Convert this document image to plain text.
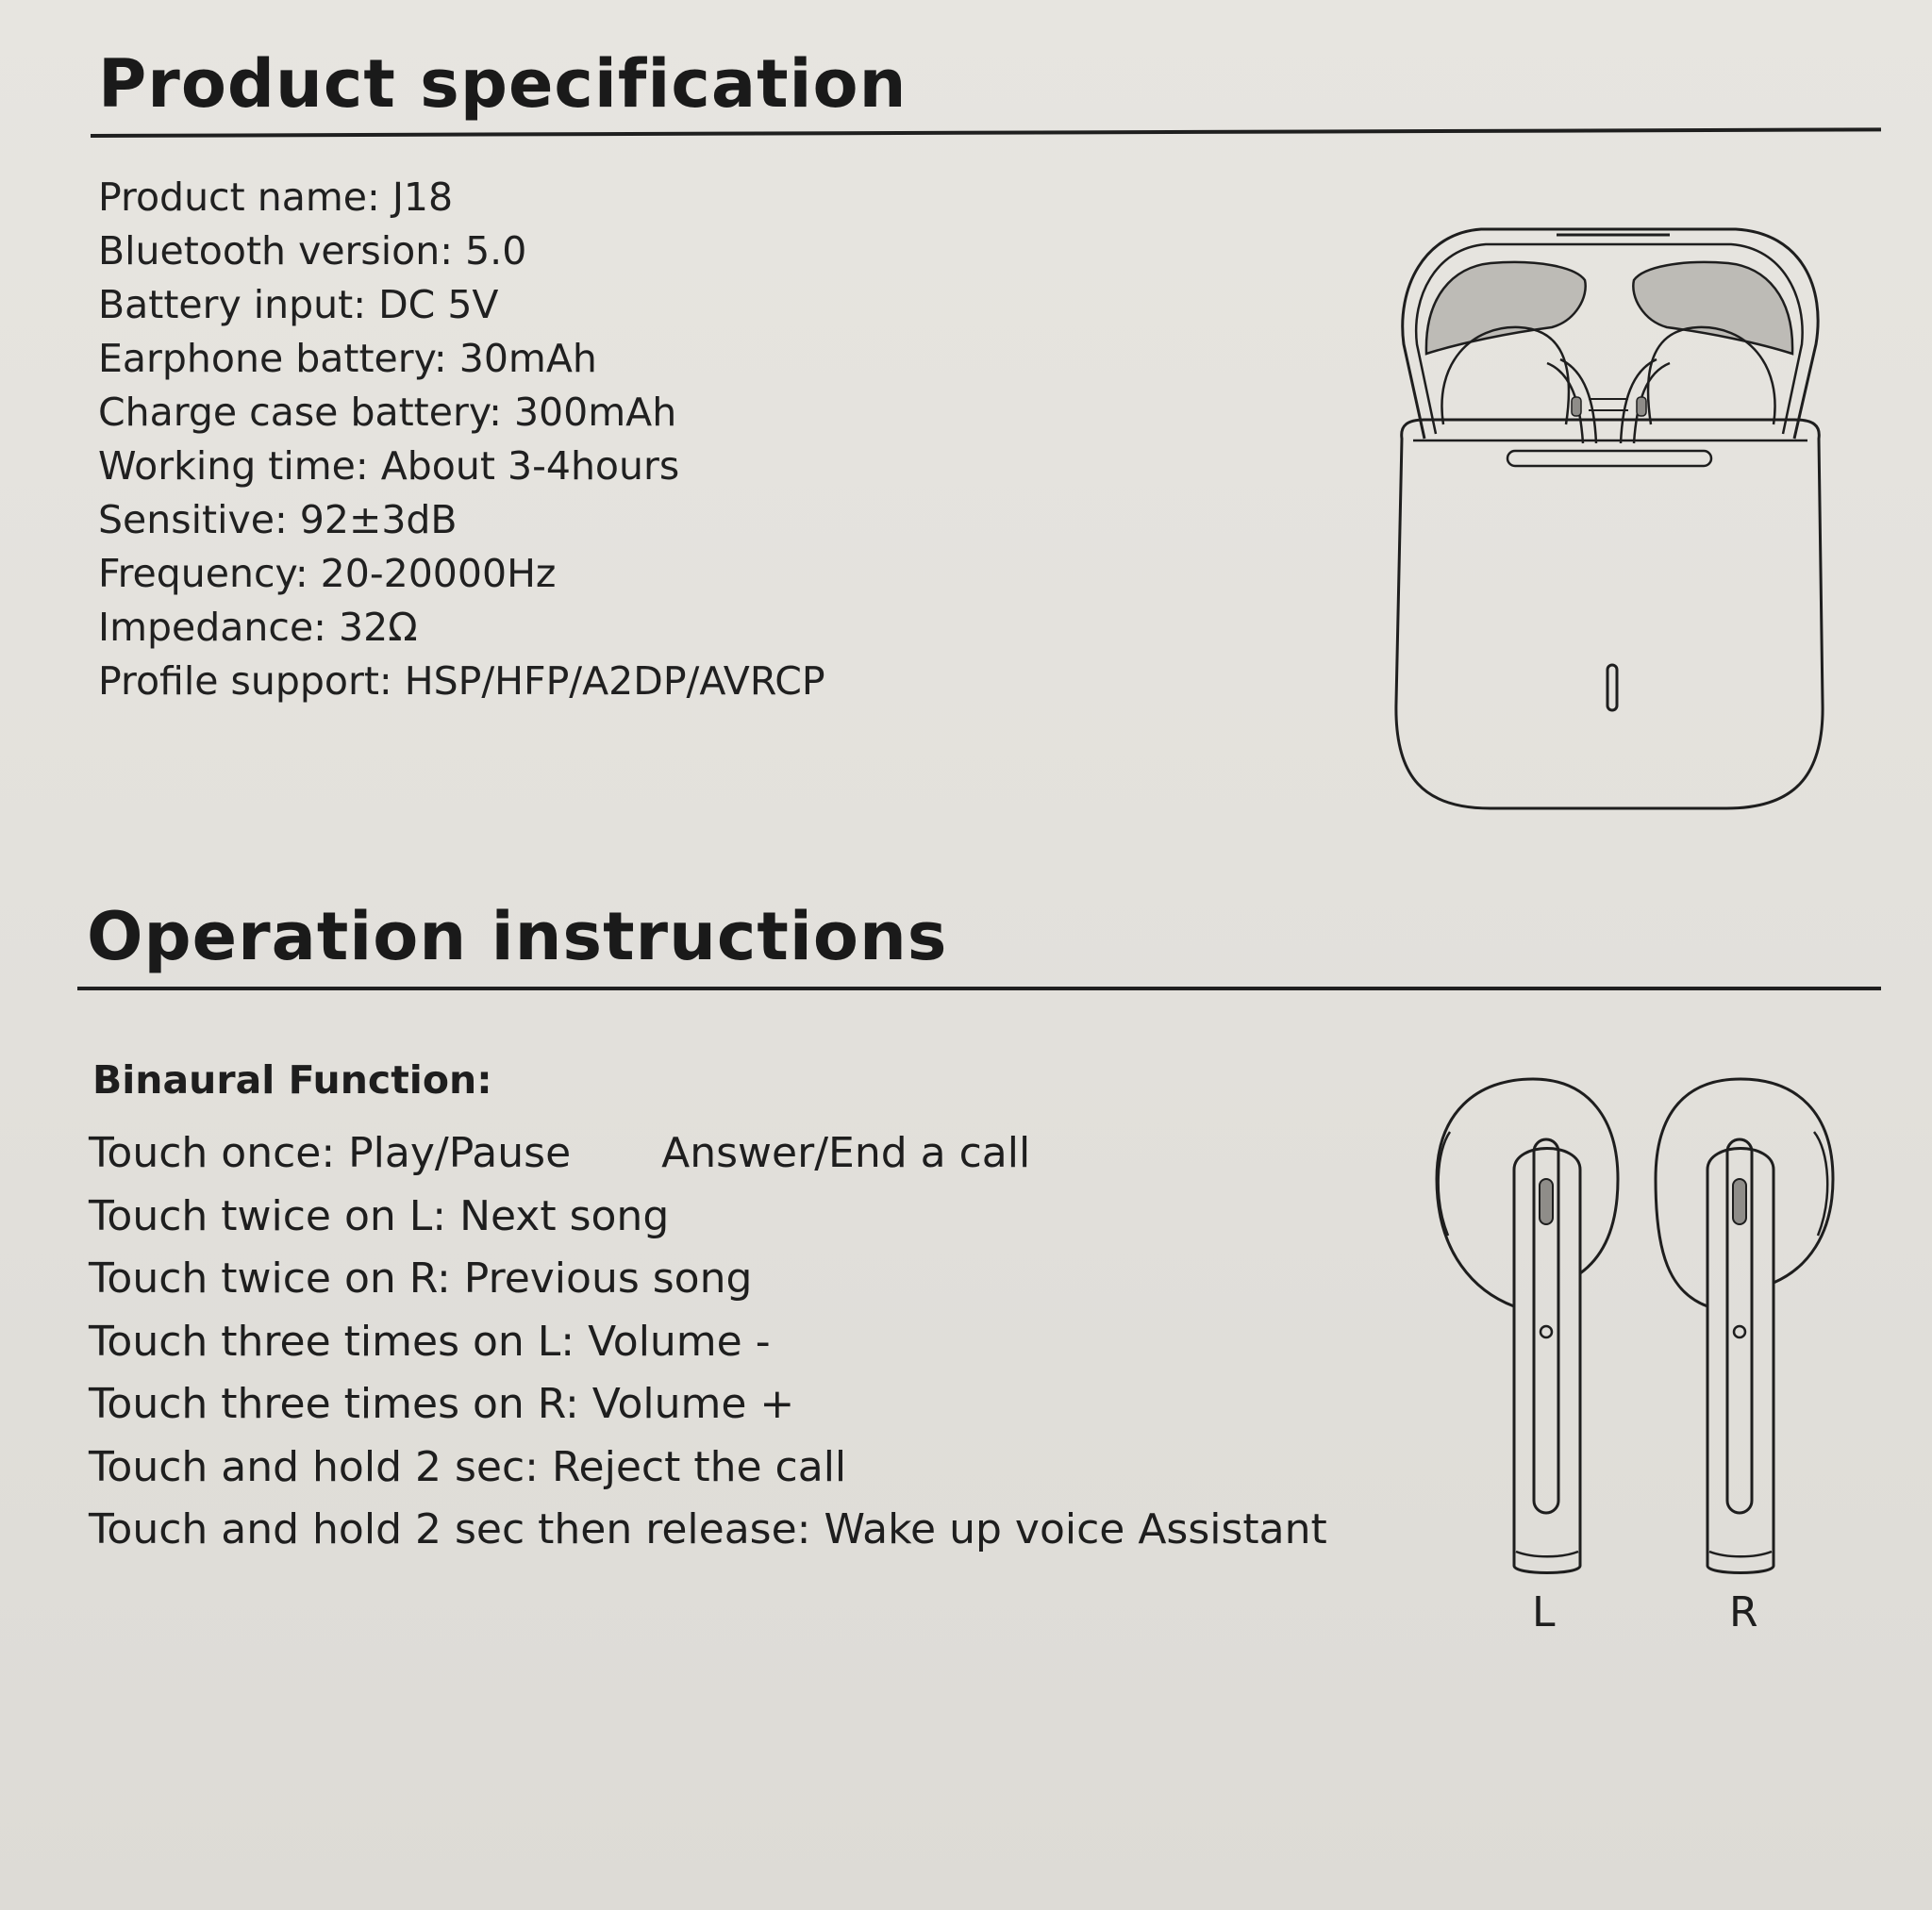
Product specification
Product name: J18
Bluetooth version: 5.0
Battery input: DC 5V
Earphone battery: 30mAh
Charge case battery: 300mAh
Working time: About 3-4hours
Sensitive: 92±3dB
Frequency: 20-20000Hz
Impedance: 32Ω
Profile support: HSP/HFP/A2DP/AVRCP
Operation instructions
Binaural Function:
Touch once: Play/Pause Answer/End a call
Touch twice on L: Next song
Touch twice on R: Previous song
Touch three times on L: Volume -
Touch three times on R: Volume +
Touch and hold 2 sec: Reject the call
Touch and hold 2 sec then release: Wake up voice Assistant
L	R
